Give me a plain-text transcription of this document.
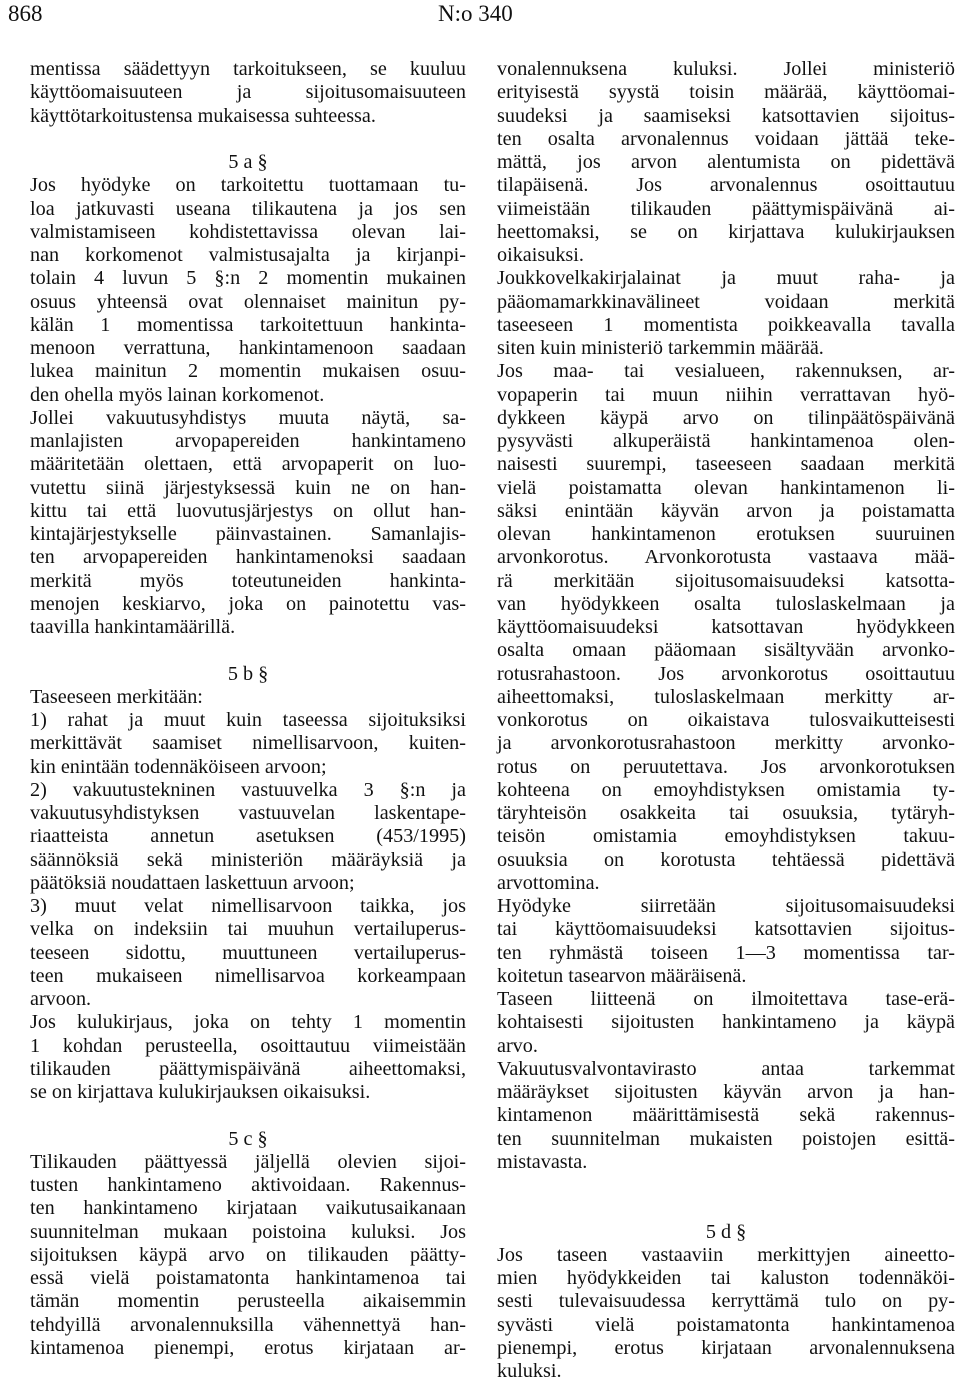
868	N:o 340
mentissa säädettyyn tarkoitukseen, se kuuluu
käyttöomaisuuteen ja sijoitusomaisuuteen
käyttötarkoitustensa mukaisessa suhteessa.
5 a §
Jos hyödyke on tarkoitettu tuottamaan tu-
loa jatkuvasti useana tilikautena ja jos sen
valmistamiseen kohdistettavissa olevan lai-
nan korkomenot valmistusajalta ja kirjanpi-
tolain 4 luvun 5 §:n 2 momentin mukainen
osuus yhteensä ovat olennaiset mainitun py-
kälän 1 momentissa tarkoitettuun hankinta-
menoon verrattuna, hankintamenoon saadaan
lukea mainitun 2 momentin mukaisen osuu-
den ohella myös lainan korkomenot.
Jollei vakuutusyhdistys muuta näytä, sa-
manlajisten arvopapereiden hankintameno
määritetään olettaen, että arvopaperit on luo-
vutettu siinä järjestyksessä kuin ne on han-
kittu tai että luovutusjärjestys on ollut han-
kintajärjestykselle päinvastainen. Samanlajis-
ten arvopapereiden hankintamenoksi saadaan
merkitä myös toteutuneiden hankinta-
menojen keskiarvo, joka on painotettu vas-
taavilla hankintamäärillä.
5 b §
Taseeseen merkitään:
1) rahat ja muut kuin taseessa sijoituksiksi
merkittävät saamiset nimellisarvoon, kuiten-
kin enintään todennäköiseen arvoon;
2) vakuutustekninen vastuuvelka 3 §:n ja
vakuutusyhdistyksen vastuuvelan laskentape-
riaatteista annetun asetuksen (453/1995)
säännöksiä sekä ministeriön määräyksiä ja
päätöksiä noudattaen laskettuun arvoon;
3) muut velat nimellisarvoon taikka, jos
velka on indeksiin tai muuhun vertailuperus-
teeseen sidottu, muuttuneen vertailuperus-
teen mukaiseen nimellisarvoa korkeampaan
arvoon.
Jos kulukirjaus, joka on tehty 1 momentin
1 kohdan perusteella, osoittautuu viimeistään
tilikauden päättymispäivänä aiheettomaksi,
se on kirjattava kulukirjauksen oikaisuksi.
5 c §
Tilikauden päättyessä jäljellä olevien sijoi-
tusten hankintameno aktivoidaan. Rakennus-
ten hankintameno kirjataan vaikutusaikanaan
suunnitelman mukaan poistoina kuluksi. Jos
sijoituksen käypä arvo on tilikauden päätty-
essä vielä poistamatonta hankintamenoa tai
tämän momentin perusteella aikaisemmin
tehdyillä arvonalennuksilla vähennettyä han-
kintamenoa pienempi, erotus kirjataan ar-
vonalennuksena kuluksi. Jollei ministeriö
erityisestä syystä toisin määrää, käyttöomai-
suudeksi ja saamiseksi katsottavien sijoitus-
ten osalta arvonalennus voidaan jättää teke-
mättä, jos arvon alentumista on pidettävä
tilapäisenä. Jos arvonalennus osoittautuu
viimeistään tilikauden päättymispäivänä ai-
heettomaksi, se on kirjattava kulukirjauksen
oikaisuksi.
Joukkovelkakirjalainat ja muut raha- ja
pääomamarkkinavälineet voidaan merkitä
taseeseen 1 momentista poikkeavalla tavalla
siten kuin ministeriö tarkemmin määrää.
Jos maa- tai vesialueen, rakennuksen, ar-
vopaperin tai muun niihin verrattavan hyö-
dykkeen käypä arvo on tilinpäätöspäivänä
pysyvästi alkuperäistä hankintamenoa olen-
naisesti suurempi, taseeseen saadaan merkitä
vielä poistamatta olevan hankintamenon li-
säksi enintään käyvän arvon ja poistamatta
olevan hankintamenon erotuksen suuruinen
arvonkorotus. Arvonkorotusta vastaava mää-
rä merkitään sijoitusomaisuudeksi katsotta-
van hyödykkeen osalta tuloslaskelmaan ja
käyttöomaisuudeksi katsottavan hyödykkeen
osalta omaan pääomaan sisältyvään arvonko-
rotusrahastoon. Jos arvonkorotus osoittautuu
aiheettomaksi, tuloslaskelmaan merkitty ar-
vonkorotus on oikaistava tulosvaikutteisesti
ja arvonkorotusrahastoon merkitty arvonko-
rotus on peruutettava. Jos arvonkorotuksen
kohteena on emoyhdistyksen omistamia ty-
täryhteisön osakkeita tai osuuksia, tytäryh-
teisön omistamia emoyhdistyksen takuu-
osuuksia on korotusta tehtäessä pidettävä
arvottomina.
Hyödyke siirretään sijoitusomaisuudeksi
tai käyttöomaisuudeksi katsottavien sijoitus-
ten ryhmästä toiseen 1—3 momentissa tar-
koitetun tasearvon määräisenä.
Taseen liitteenä on ilmoitettava tase-erä-
kohtaisesti sijoitusten hankintameno ja käypä
arvo.
Vakuutusvalvontavirasto antaa tarkemmat
määräykset sijoitusten käyvän arvon ja han-
kintamenon määrittämisestä sekä rakennus-
ten suunnitelman mukaisten poistojen esittä-
mistavasta.
5 d §
Jos taseen vastaaviin merkittyjen aineetto-
mien hyödykkeiden tai kaluston todennäköi-
sesti tulevaisuudessa kerryttämä tulo on py-
syvästi vielä poistamatonta hankintamenoa
pienempi, erotus kirjataan arvonalennuksena
kuluksi.
